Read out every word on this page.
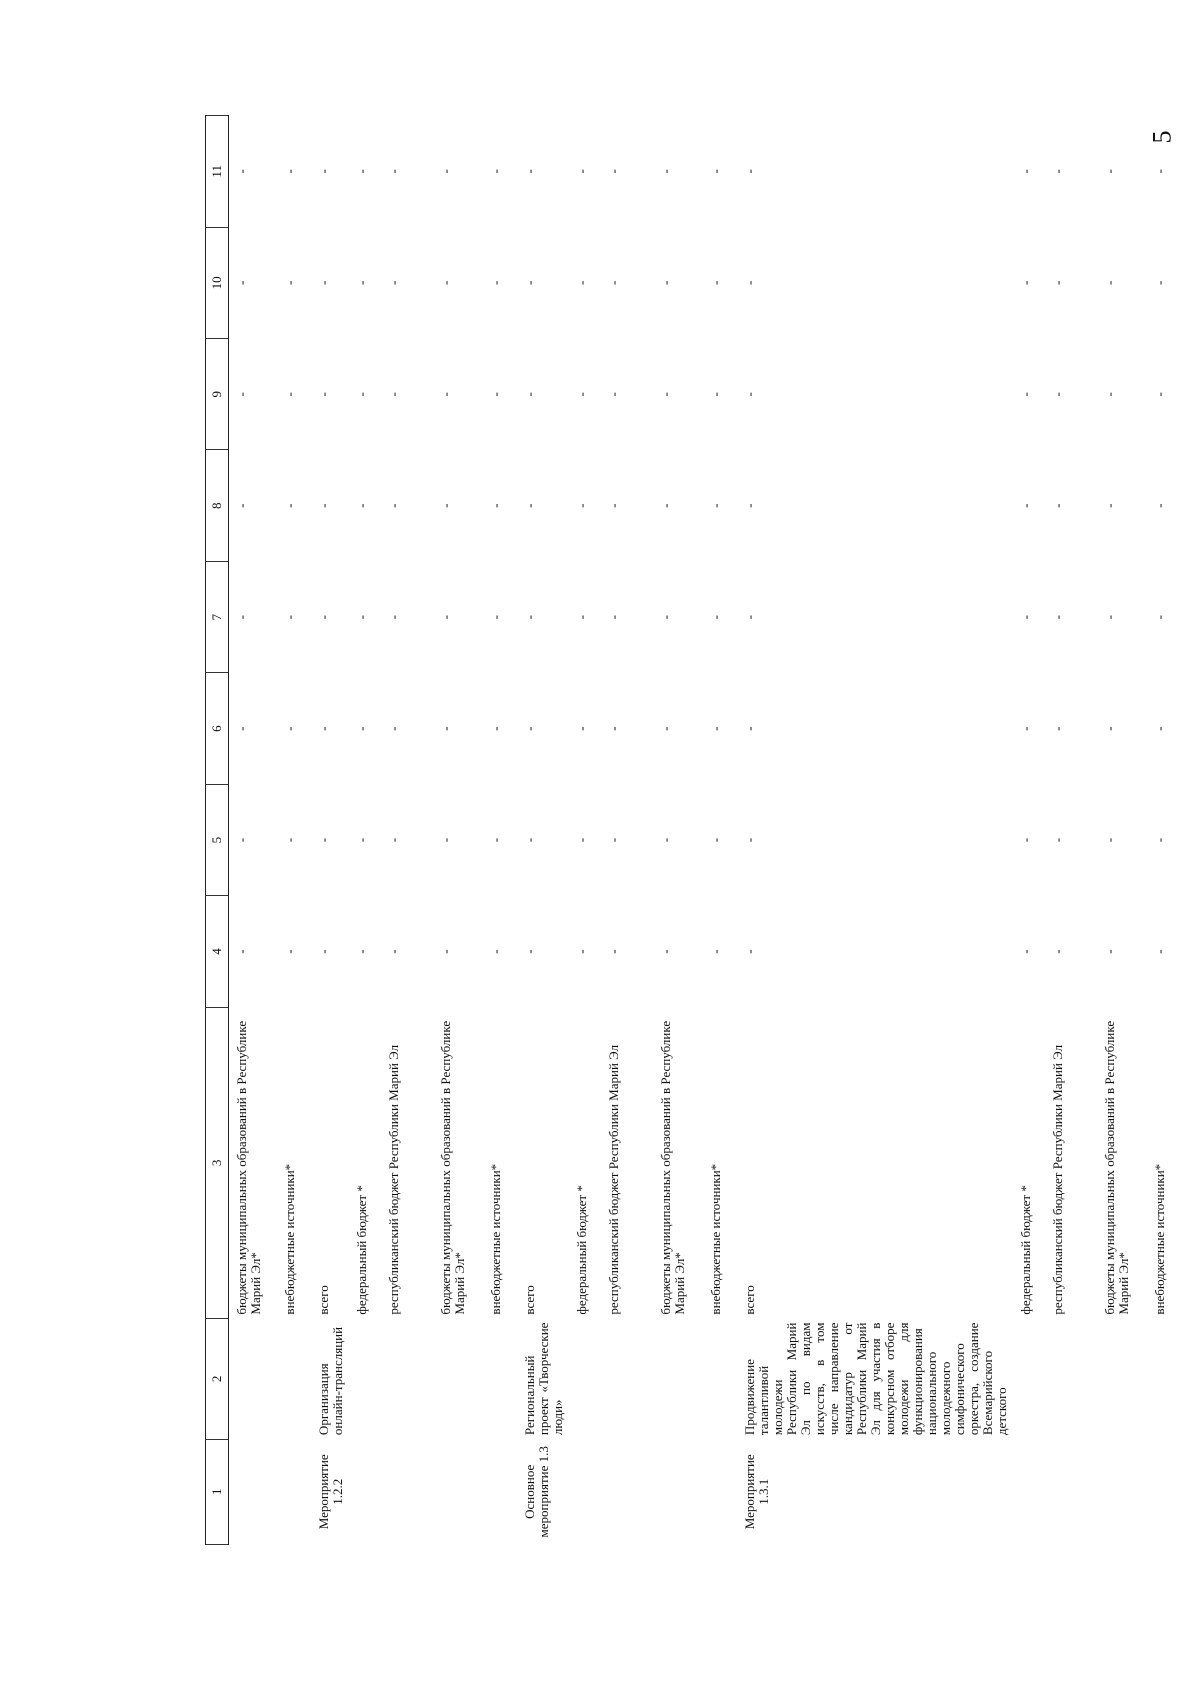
5
1	2	3	4	5	6	7	8	9	10	11
		бюджеты муниципальных образований в Республике Марий Эл*	-	-	-	-	-	-	-	-
		внебюджетные источники*	-	-	-	-	-	-	-	-
Мероприятие 1.2.2	Организация онлайн-трансляций	всего	-	-	-	-	-	-	-	-
		федеральный бюджет *	-	-	-	-	-	-	-	-
		республиканский бюджет Республики Марий Эл	-	-	-	-	-	-	-	-
		бюджеты муниципальных образований в Республике Марий Эл*	-	-	-	-	-	-	-	-
		внебюджетные источники*	-	-	-	-	-	-	-	-
Основное мероприятие 1.3	Региональный проект «Творческие люди»	всего	-	-	-	-	-	-	-	-
		федеральный бюджет *	-	-	-	-	-	-	-	-
		республиканский бюджет Республики Марий Эл	-	-	-	-	-	-	-	-
		бюджеты муниципальных образований в Республике Марий Эл*	-	-	-	-	-	-	-	-
		внебюджетные источники*	-	-	-	-	-	-	-	-
Мероприятие 1.3.1	Продвижение талантливой молодежи Республики Марий Эл по видам искусств, в том числе направление кандидатур от Республики Марий Эл для участия в конкурсном отборе молодежи для функционирования национального молодежного симфонического оркестра, создание Всемарийского детского	всего	-	-	-	-	-	-	-	-
		федеральный бюджет *	-	-	-	-	-	-	-	-
		республиканский бюджет Республики Марий Эл	-	-	-	-	-	-	-	-
		бюджеты муниципальных образований в Республике Марий Эл*	-	-	-	-	-	-	-	-
		внебюджетные источники*	-	-	-	-	-	-	-	-
